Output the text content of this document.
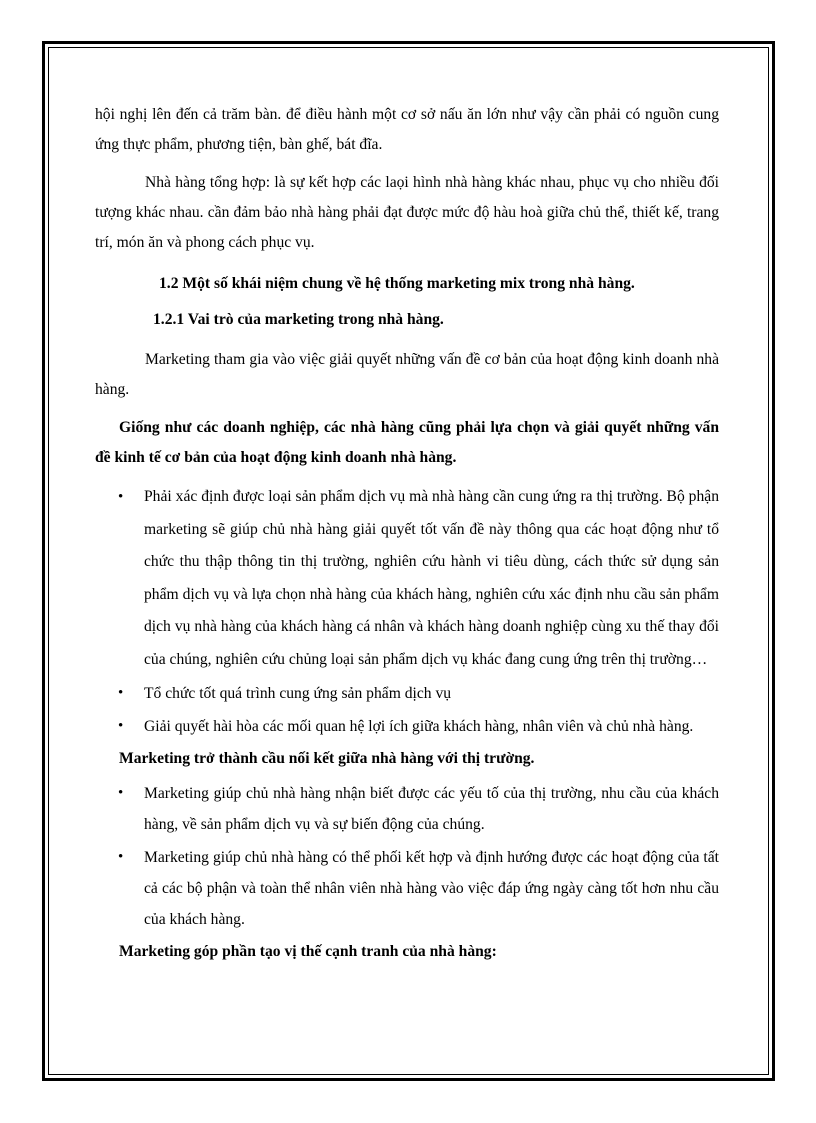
hội nghị lên đến cả trăm bàn. để điều hành một cơ sở nấu ăn lớn như vậy cần phải có nguồn cung ứng thực phẩm, phương tiện, bàn ghế, bát đĩa.

Nhà hàng tổng hợp: là sự kết hợp các laọi hình nhà hàng khác nhau, phục vụ cho nhiều đối tượng khác nhau. cần đảm bảo nhà hàng phải đạt được mức độ hàu hoà giữa chủ thể, thiết kế, trang trí, món ăn và phong cách phục vụ.

1.2 Một số khái niệm chung về hệ thống marketing mix trong nhà hàng.

1.2.1 Vai trò của marketing trong nhà hàng.

Marketing tham gia vào việc giải quyết những vấn đề cơ bản của hoạt động kinh doanh nhà hàng.

Giống như các doanh nghiệp, các nhà hàng cũng phải lựa chọn và giải quyết những vấn đề kinh tế cơ bản của hoạt động kinh doanh nhà hàng.

• Phải xác định được loại sản phẩm dịch vụ mà nhà hàng cần cung ứng ra thị trường. Bộ phận marketing sẽ giúp chủ nhà hàng giải quyết tốt vấn đề này thông qua các hoạt động như tổ chức thu thập thông tin thị trường, nghiên cứu hành vi tiêu dùng, cách thức sử dụng sản phẩm dịch vụ và lựa chọn nhà hàng của khách hàng, nghiên cứu xác định nhu cầu sản phẩm dịch vụ nhà hàng của khách hàng cá nhân và khách hàng doanh nghiệp cùng xu thế thay đổi của chúng, nghiên cứu chủng loại sản phẩm dịch vụ khác đang cung ứng trên thị trường…
• Tổ chức tốt quá trình cung ứng sản phẩm dịch vụ
• Giải quyết hài hòa các mối quan hệ lợi ích giữa khách hàng, nhân viên và chủ nhà hàng.

Marketing trở thành cầu nối kết giữa nhà hàng với thị trường.

• Marketing giúp chủ nhà hàng nhận biết được các yếu tố của thị trường, nhu cầu của khách hàng, về sản phẩm dịch vụ và sự biến động của chúng.
• Marketing giúp chủ nhà hàng có thể phối kết hợp và định hướng được các hoạt động của tất cả các bộ phận và toàn thể nhân viên nhà hàng vào việc đáp ứng ngày càng tốt hơn nhu cầu của khách hàng.

Marketing góp phần tạo vị thế cạnh tranh của nhà hàng:
